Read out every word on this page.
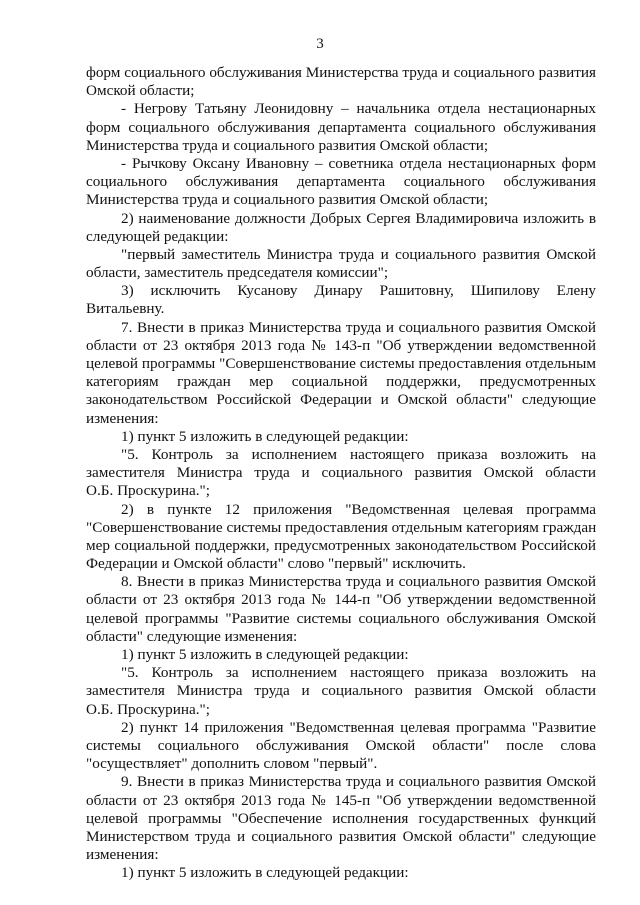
3
форм социального обслуживания Министерства труда и социального развития
Омской области;
- Негрову Татьяну Леонидовну – начальника отдела нестационарных
форм социального обслуживания департамента социального обслуживания
Министерства труда и социального развития Омской области;
- Рычкову Оксану Ивановну – советника отдела нестационарных форм
социального обслуживания департамента социального обслуживания
Министерства труда и социального развития Омской области;
2) наименование должности Добрых Сергея Владимировича изложить в
следующей редакции:
"первый заместитель Министра труда и социального развития Омской
области, заместитель председателя комиссии";
3) исключить Кусанову Динару Рашитовну, Шипилову Елену
Витальевну.
7. Внести в приказ Министерства труда и социального развития Омской
области от 23 октября 2013 года № 143-п "Об утверждении ведомственной
целевой программы "Совершенствование системы предоставления отдельным
категориям граждан мер социальной поддержки, предусмотренных
законодательством Российской Федерации и Омской области" следующие
изменения:
1) пункт 5 изложить в следующей редакции:
"5. Контроль за исполнением настоящего приказа возложить на
заместителя Министра труда и социального развития Омской области
О.Б. Проскурина.";
2) в пункте 12 приложения "Ведомственная целевая программа
"Совершенствование системы предоставления отдельным категориям граждан
мер социальной поддержки, предусмотренных законодательством Российской
Федерации и Омской области" слово "первый" исключить.
8. Внести в приказ Министерства труда и социального развития Омской
области от 23 октября 2013 года № 144-п "Об утверждении ведомственной
целевой программы "Развитие системы социального обслуживания Омской
области" следующие изменения:
1) пункт 5 изложить в следующей редакции:
"5. Контроль за исполнением настоящего приказа возложить на
заместителя Министра труда и социального развития Омской области
О.Б. Проскурина.";
2) пункт 14 приложения "Ведомственная целевая программа "Развитие
системы социального обслуживания Омской области" после слова
"осуществляет" дополнить словом "первый".
9. Внести в приказ Министерства труда и социального развития Омской
области от 23 октября 2013 года № 145-п "Об утверждении ведомственной
целевой программы "Обеспечение исполнения государственных функций
Министерством труда и социального развития Омской области" следующие
изменения:
1) пункт 5 изложить в следующей редакции:
